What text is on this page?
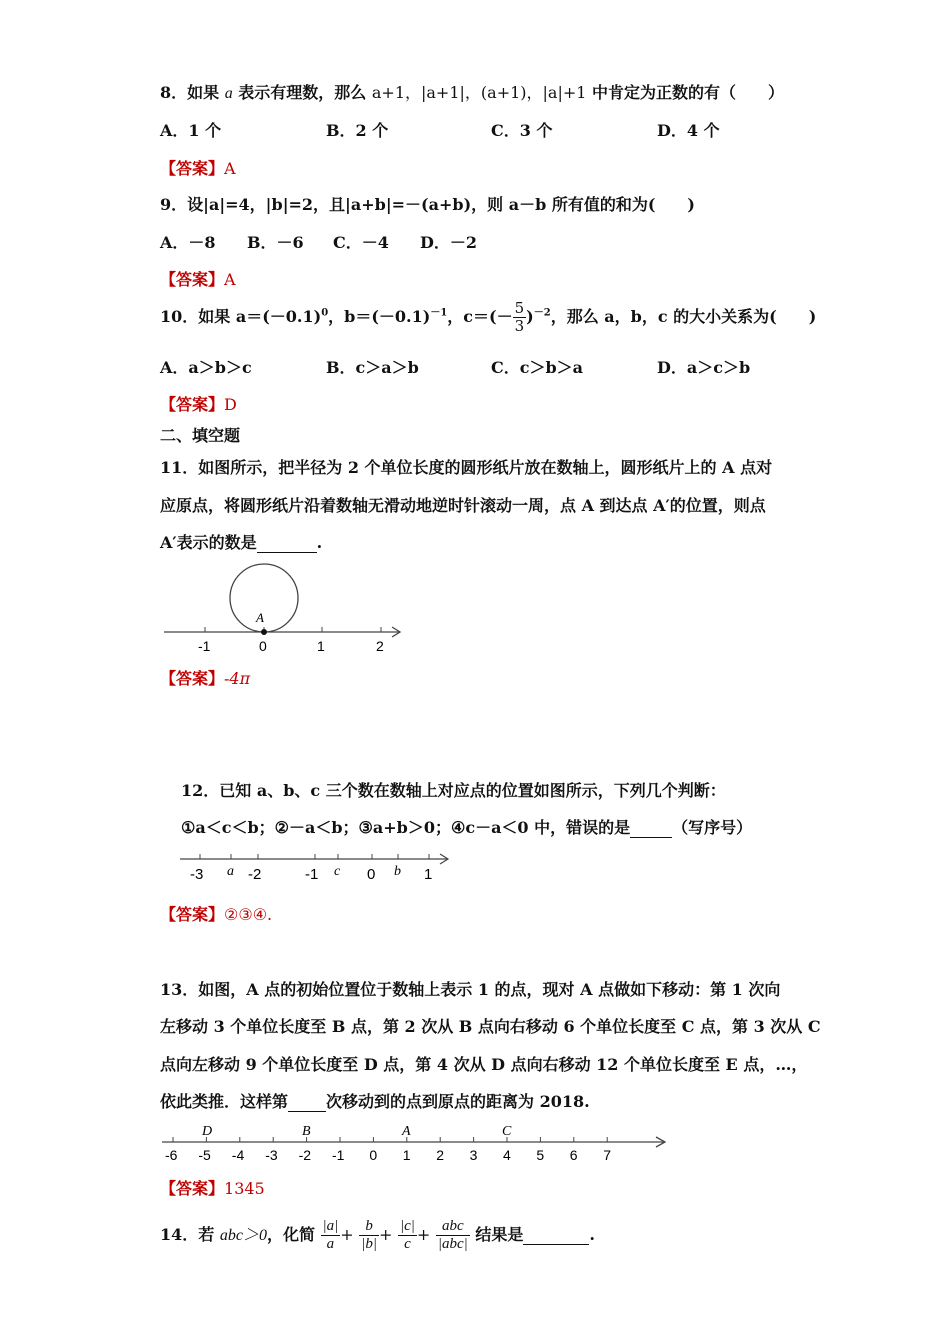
8．如果 a 表示有理数，那么 a+1，|a+1|，(a+1)，|a|+1 中肯定为正数的有（　　）
A．1 个	B．2 个	C．3 个	D．4 个
【答案】A
9．设|a|=4，|b|=2，且|a+b|=－(a+b)，则 a－b 所有值的和为(　　)
A．－8 B．－6 C．－4 D．－2
【答案】A
10．如果 $a=(-0.1)^0$，$b=(-0.1)^{-1}$，$c=(- \frac{5}{3} )^{-2}$，那么 a，b，c 的大小关系为(　　)
A．a＞b＞c	B．c＞a＞b	C．c＞b＞a	D．a＞c＞b
【答案】D
二、填空题
11．如图所示，把半径为 2 个单位长度的圆形纸片放在数轴上，圆形纸片上的 A 点对
应原点，将圆形纸片沿着数轴无滑动地逆时针滚动一周，点 A 到达点 A′的位置，则点
A′表示的数是	.
A
-1	0	1	2
【答案】-4π
12．已知 a、b、c 三个数在数轴上对应点的位置如图所示，下列几个判断：
①a＜c＜b；②－a＜b；③a+b＞0；④c－a＜0 中，错误的是	（写序号）
-3	-2	-1	0	1
a	c	b
【答案】②③④.
13．如图，A 点的初始位置位于数轴上表示 1 的点，现对 A 点做如下移动：第 1 次向
左移动 3 个单位长度至 B 点，第 2 次从 B 点向右移动 6 个单位长度至 C 点，第 3 次从 C
点向左移动 9 个单位长度至 D 点，第 4 次从 D 点向右移动 12 个单位长度至 E 点，…，
依此类推．这样第 次移动到的点到原点的距离为 2018.
-6 -5 -4 -3 -2 -1 0 1 2 3 4 5 6 7
D	B	A	C
【答案】1345
14．若 abc＞0，化简 $\frac{|a|}{a} + \frac{b}{|b|} + \frac{|c|}{c} + \frac{\text{abc}}{\text{|abc|}}$ 结果是	.
